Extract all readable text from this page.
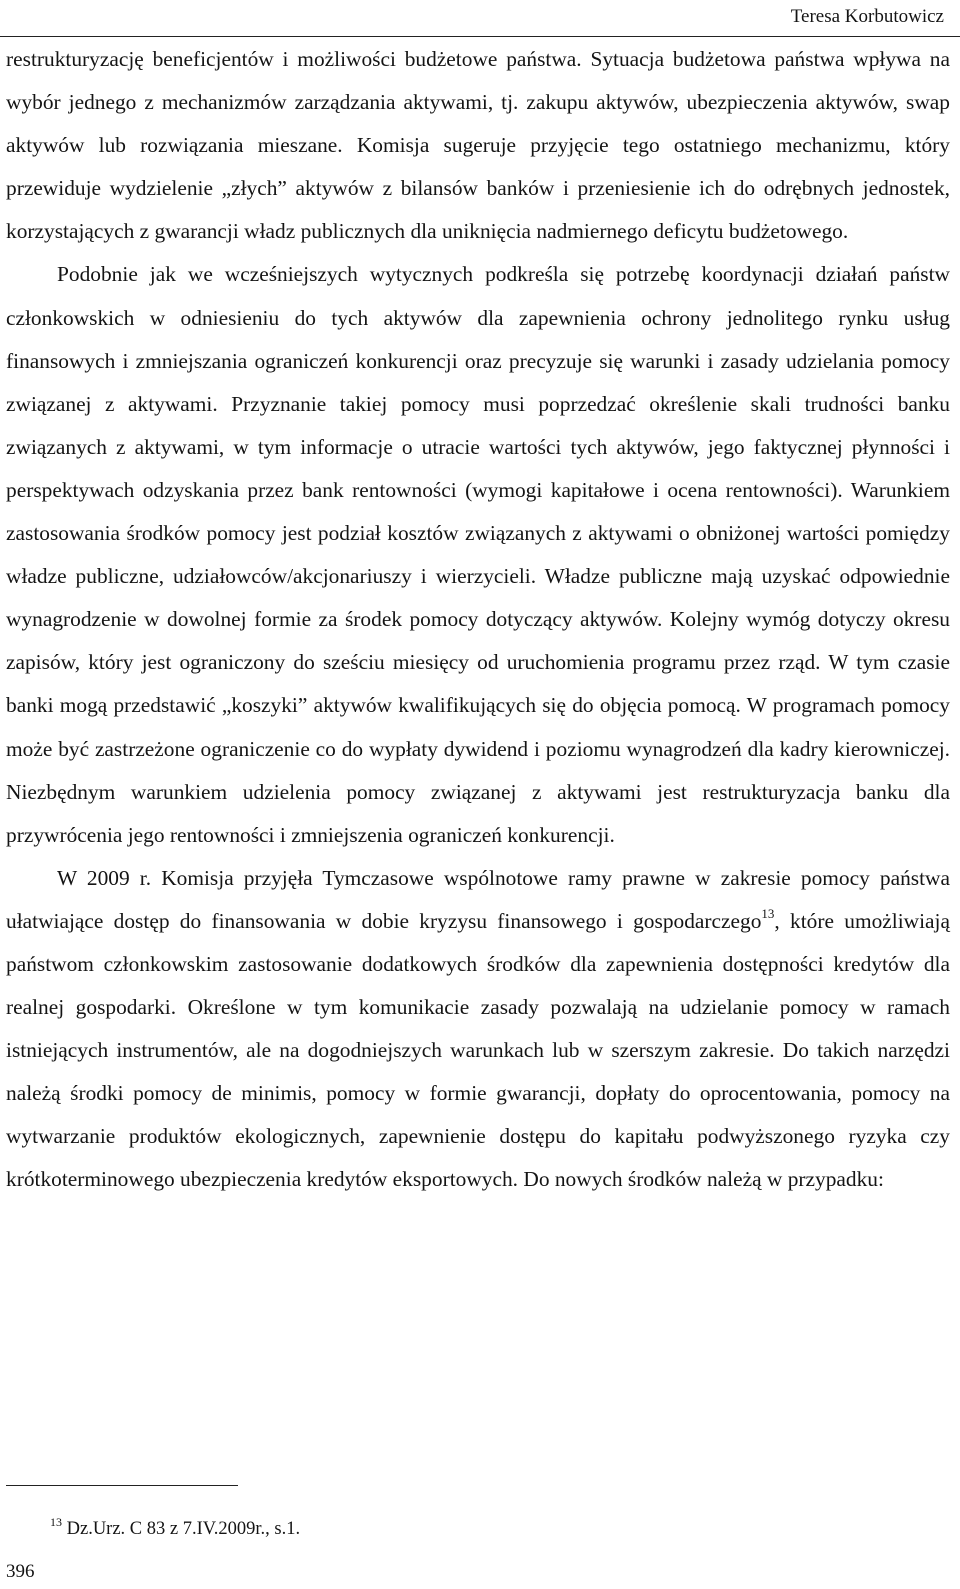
Teresa Korbutowicz

restrukturyzację beneficjentów i możliwości budżetowe państwa. Sytuacja budżetowa państwa wpływa na wybór jednego z mechanizmów zarządzania aktywami, tj. zakupu aktywów, ubezpieczenia aktywów, swap aktywów lub rozwiązania mieszane. Komisja sugeruje przyjęcie tego ostatniego mechanizmu, który przewiduje wydzielenie „złych” aktywów z bilansów banków i przeniesienie ich do odrębnych jednostek, korzystających z gwarancji władz publicznych dla uniknięcia nadmiernego deficytu budżetowego.

Podobnie jak we wcześniejszych wytycznych podkreśla się potrzebę koordynacji działań państw członkowskich w odniesieniu do tych aktywów dla zapewnienia ochrony jednolitego rynku usług finansowych i zmniejszania ograniczeń konkurencji oraz precyzuje się warunki i zasady udzielania pomocy związanej z aktywami. Przyznanie takiej pomocy musi poprzedzać określenie skali trudności banku związanych z aktywami, w tym informacje o utracie wartości tych aktywów, jego faktycznej płynności i perspektywach odzyskania przez bank rentowności (wymogi kapitałowe i ocena rentowności). Warunkiem zastosowania środków pomocy jest podział kosztów związanych z aktywami o obniżonej wartości pomiędzy władze publiczne, udziałowców/akcjonariuszy i wierzycieli. Władze publiczne mają uzyskać odpowiednie wynagrodzenie w dowolnej formie za środek pomocy dotyczący aktywów. Kolejny wymóg dotyczy okresu zapisów, który jest ograniczony do sześciu miesięcy od uruchomienia programu przez rząd. W tym czasie banki mogą przedstawić „koszyki” aktywów kwalifikujących się do objęcia pomocą. W programach pomocy może być zastrzeżone ograniczenie co do wypłaty dywidend i poziomu wynagrodzeń dla kadry kierowniczej. Niezbędnym warunkiem udzielenia pomocy związanej z aktywami jest restrukturyzacja banku dla przywrócenia jego rentowności i zmniejszenia ograniczeń konkurencji.

W 2009 r. Komisja przyjęła Tymczasowe wspólnotowe ramy prawne w zakresie pomocy państwa ułatwiające dostęp do finansowania w dobie kryzysu finansowego i gospodarczego$^{13}$, które umożliwiają państwom członkowskim zastosowanie dodatkowych środków dla zapewnienia dostępności kredytów dla realnej gospodarki. Określone w tym komunikacie zasady pozwalają na udzielanie pomocy w ramach istniejących instrumentów, ale na dogodniejszych warunkach lub w szerszym zakresie. Do takich narzędzi należą środki pomocy de minimis, pomocy w formie gwarancji, dopłaty do oprocentowania, pomocy na wytwarzanie produktów ekologicznych, zapewnienie dostępu do kapitału podwyższonego ryzyka czy krótkoterminowego ubezpieczenia kredytów eksportowych. Do nowych środków należą w przypadku:

$^{13}$ Dz.Urz. C 83 z 7.IV.2009r., s.1.
396
